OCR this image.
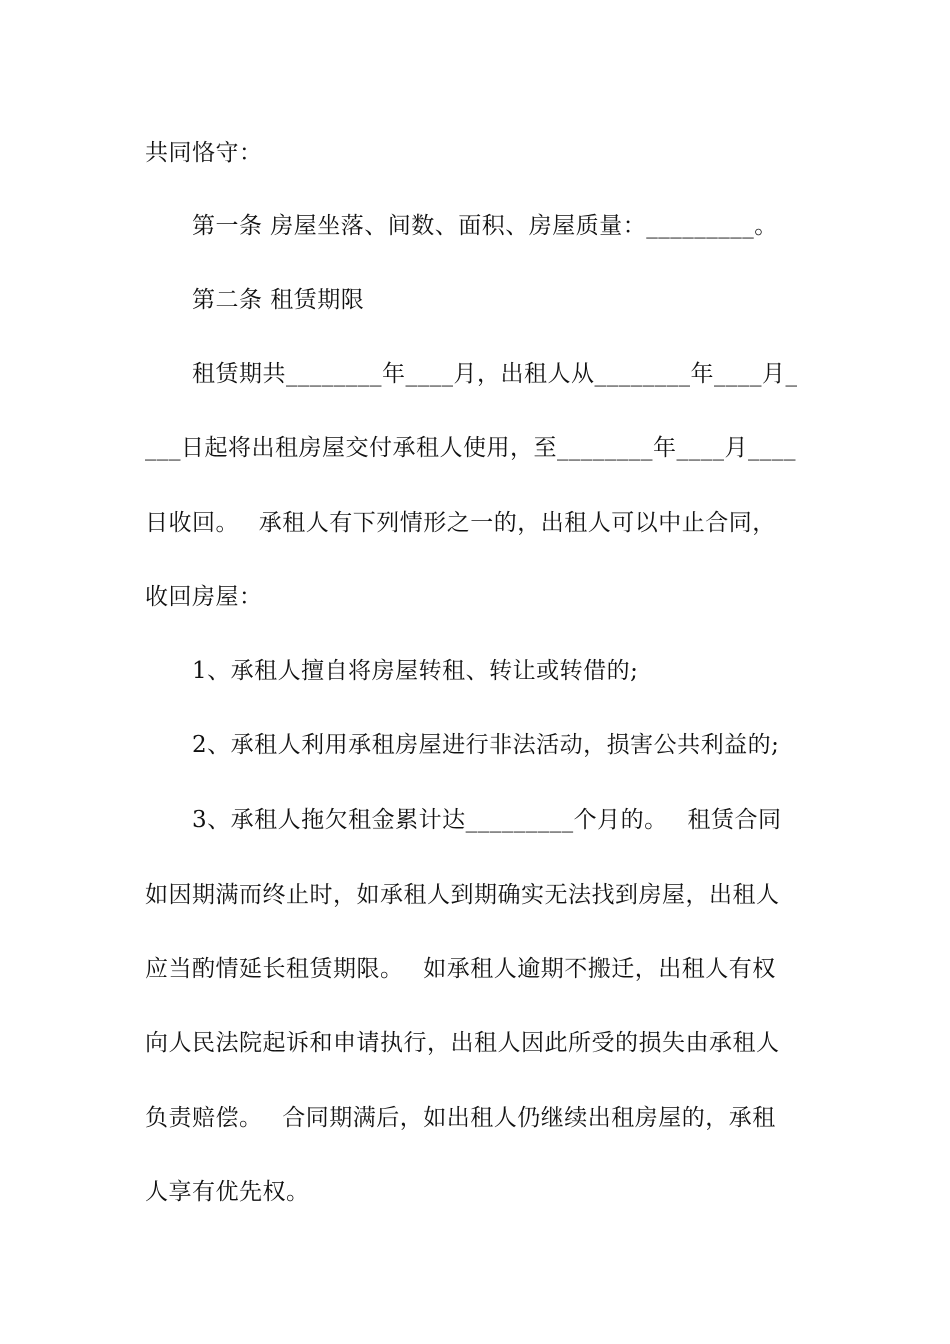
共同恪守：
第一条 房屋坐落、间数、面积、房屋质量：_________。
第二条 租赁期限
租赁期共________年____月，出租人从________年____月_
___日起将出租房屋交付承租人使用，至________年____月____
日收回。　 承租人有下列情形之一的，出租人可以中止合同，
收回房屋：
1、承租人擅自将房屋转租、转让或转借的;
2、承租人利用承租房屋进行非法活动，损害公共利益的;
3、承租人拖欠租金累计达_________个月的。　 租赁合同
如因期满而终止时，如承租人到期确实无法找到房屋，出租人
应当酌情延长租赁期限。　 如承租人逾期不搬迁，出租人有权
向人民法院起诉和申请执行，出租人因此所受的损失由承租人
负责赔偿。　 合同期满后，如出租人仍继续出租房屋的，承租
人享有优先权。
